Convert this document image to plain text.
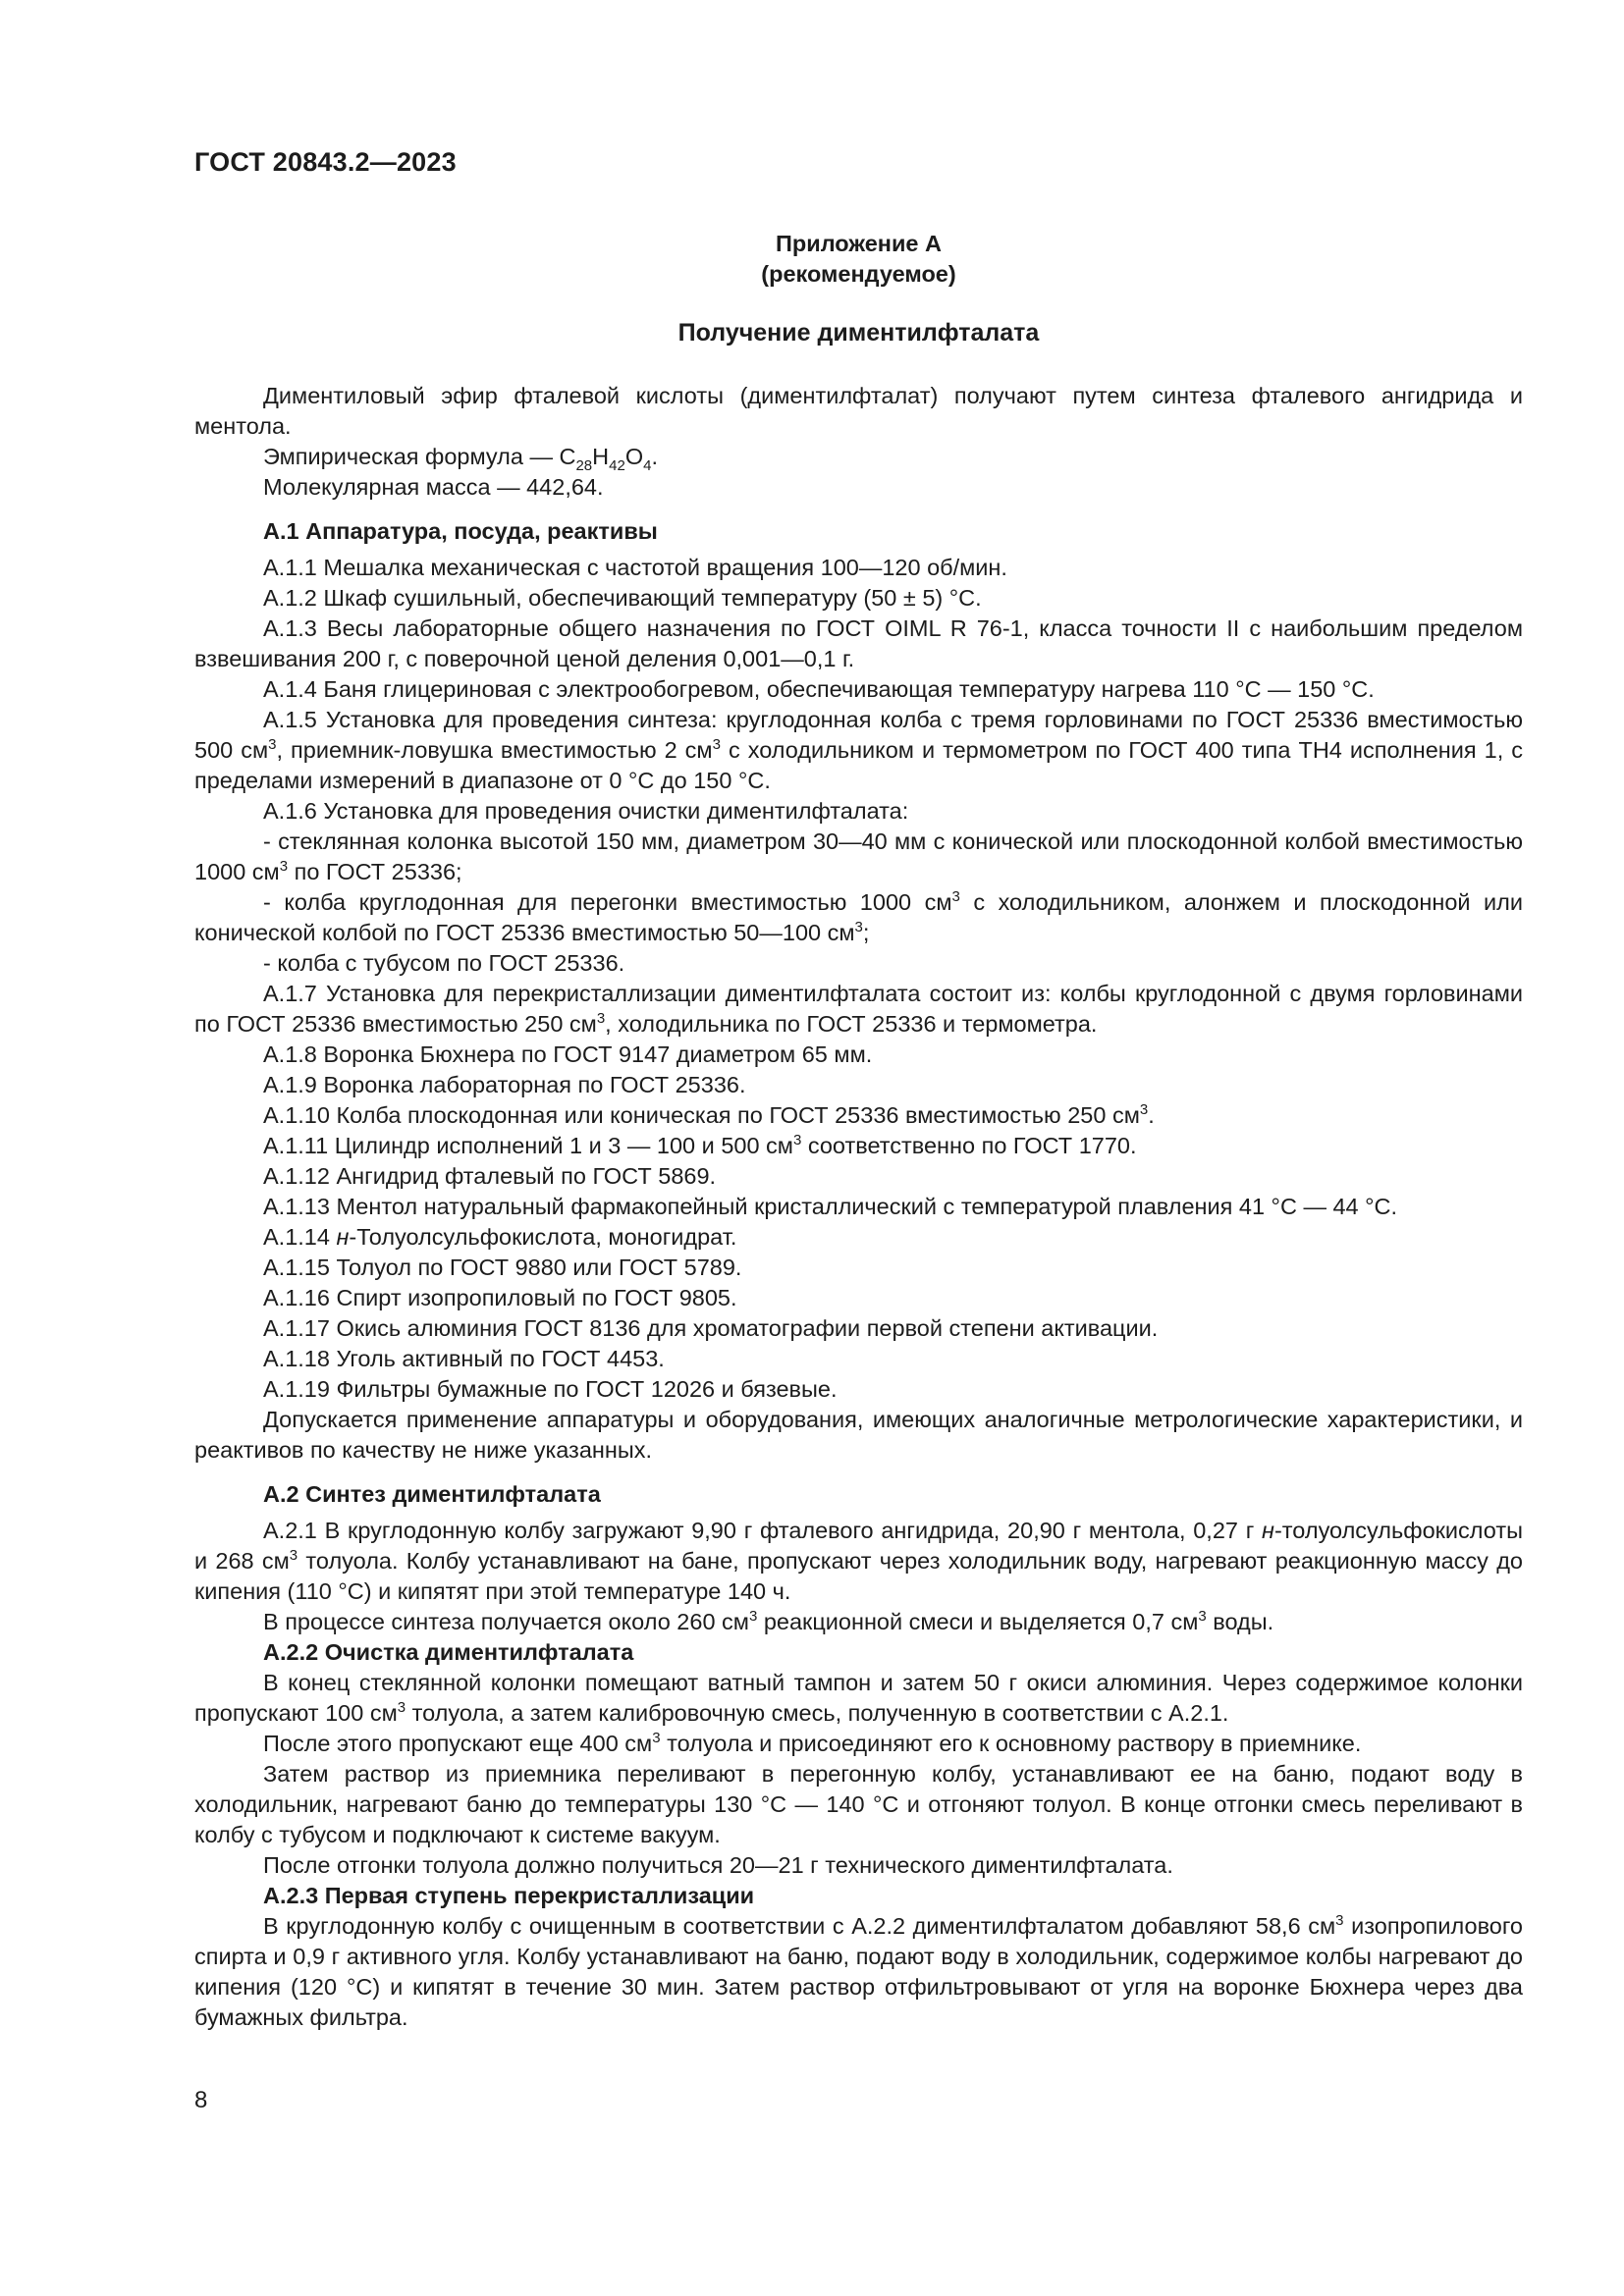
ГОСТ 20843.2—2023
Приложение А
(рекомендуемое)
Получение диментилфталата

Диментиловый эфир фталевой кислоты (диментилфталат) получают путем синтеза фталевого ангидрида и ментола.

Эмпирическая формула — $C_{28}H_{42}O_4$.

Молекулярная масса — 442,64.

А.1 Аппаратура, посуда, реактивы

А.1.1 Мешалка механическая с частотой вращения 100—120 об/мин.

А.1.2 Шкаф сушильный, обеспечивающий температуру (50 ± 5) °С.

А.1.3 Весы лабораторные общего назначения по ГОСТ OIML R 76-1, класса точности II с наибольшим пределом взвешивания 200 г, с поверочной ценой деления 0,001—0,1 г.

А.1.4 Баня глицериновая с электрообогревом, обеспечивающая температуру нагрева 110 °С — 150 °С.

А.1.5 Установка для проведения синтеза: круглодонная колба с тремя горловинами по ГОСТ 25336 вместимостью 500 $см^3$, приемник-ловушка вместимостью 2 $см^3$ с холодильником и термометром по ГОСТ 400 типа ТН4 исполнения 1, с пределами измерений в диапазоне от 0 °С до 150 °С.

А.1.6 Установка для проведения очистки диментилфталата:

- стеклянная колонка высотой 150 мм, диаметром 30—40 мм с конической или плоскодонной колбой вместимостью 1000 $см^3$ по ГОСТ 25336;

- колба круглодонная для перегонки вместимостью 1000 $см^3$ с холодильником, алонжем и плоскодонной или конической колбой по ГОСТ 25336 вместимостью 50—100 $см^3$;

- колба с тубусом по ГОСТ 25336.

А.1.7 Установка для перекристаллизации диментилфталата состоит из: колбы круглодонной с двумя горловинами по ГОСТ 25336 вместимостью 250 $см^3$, холодильника по ГОСТ 25336 и термометра.

А.1.8 Воронка Бюхнера по ГОСТ 9147 диаметром 65 мм.

А.1.9 Воронка лабораторная по ГОСТ 25336.

А.1.10 Колба плоскодонная или коническая по ГОСТ 25336 вместимостью 250 $см^3$.

А.1.11 Цилиндр исполнений 1 и 3 — 100 и 500 $см^3$ соответственно по ГОСТ 1770.

А.1.12 Ангидрид фталевый по ГОСТ 5869.

А.1.13 Ментол натуральный фармакопейный кристаллический с температурой плавления 41 °С — 44 °С.

А.1.14 н-Толуолсульфокислота, моногидрат.

А.1.15 Толуол по ГОСТ 9880 или ГОСТ 5789.

А.1.16 Спирт изопропиловый по ГОСТ 9805.

А.1.17 Окись алюминия ГОСТ 8136 для хроматографии первой степени активации.

А.1.18 Уголь активный по ГОСТ 4453.

А.1.19 Фильтры бумажные по ГОСТ 12026 и бязевые.

Допускается применение аппаратуры и оборудования, имеющих аналогичные метрологические характеристики, и реактивов по качеству не ниже указанных.

А.2 Синтез диментилфталата

А.2.1 В круглодонную колбу загружают 9,90 г фталевого ангидрида, 20,90 г ментола, 0,27 г н-толуолсульфокислоты и 268 $см^3$ толуола. Колбу устанавливают на бане, пропускают через холодильник воду, нагревают реакционную массу до кипения (110 °С) и кипятят при этой температуре 140 ч.

В процессе синтеза получается около 260 $см^3$ реакционной смеси и выделяется 0,7 $см^3$ воды.

А.2.2 Очистка диментилфталата

В конец стеклянной колонки помещают ватный тампон и затем 50 г окиси алюминия. Через содержимое колонки пропускают 100 $см^3$ толуола, а затем калибровочную смесь, полученную в соответствии с А.2.1.

После этого пропускают еще 400 $см^3$ толуола и присоединяют его к основному раствору в приемнике.

Затем раствор из приемника переливают в перегонную колбу, устанавливают ее на баню, подают воду в холодильник, нагревают баню до температуры 130 °С — 140 °С и отгоняют толуол. В конце отгонки смесь переливают в колбу с тубусом и подключают к системе вакуум.

После отгонки толуола должно получиться 20—21 г технического диментилфталата.

А.2.3 Первая ступень перекристаллизации

В круглодонную колбу с очищенным в соответствии с А.2.2 диментилфталатом добавляют 58,6 $см^3$ изопропилового спирта и 0,9 г активного угля. Колбу устанавливают на баню, подают воду в холодильник, содержимое колбы нагревают до кипения (120 °С) и кипятят в течение 30 мин. Затем раствор отфильтровывают от угля на воронке Бюхнера через два бумажных фильтра.

8
